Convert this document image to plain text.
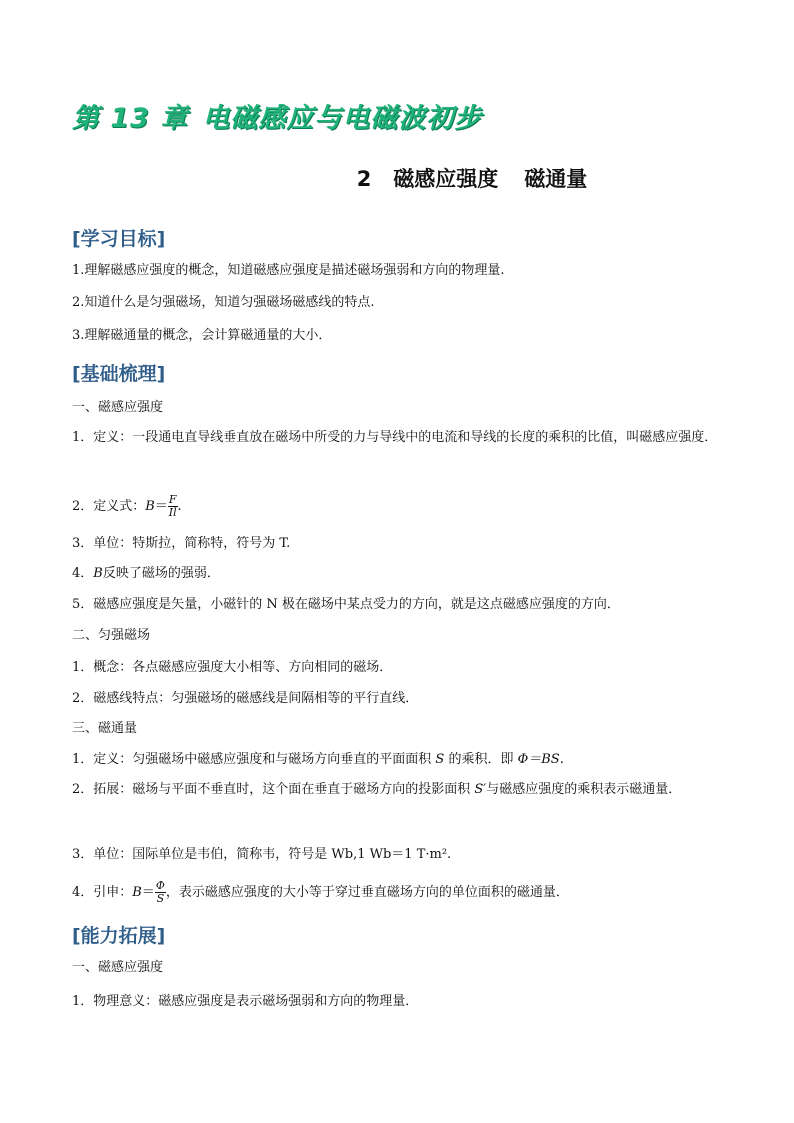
第 13 章 电磁感应与电磁波初步
2 磁感应强度 磁通量
[学习目标]
1.理解磁感应强度的概念，知道磁感应强度是描述磁场强弱和方向的物理量.
2.知道什么是匀强磁场，知道匀强磁场磁感线的特点.
3.理解磁通量的概念，会计算磁通量的大小．
[基础梳理]
一、磁感应强度
1．定义：一段通电直导线垂直放在磁场中所受的力与导线中的电流和导线的长度的乘积的比值，叫磁感应强度．
2．定义式：$B= \frac{F}{Il}$ .
3．单位：特斯拉，简称特，符号为 T.
4．B反映了磁场的强弱．
5．磁感应强度是矢量，小磁针的 N 极在磁场中某点受力的方向，就是这点磁感应强度的方向．
二、匀强磁场
1．概念：各点磁感应强度大小相等、方向相同的磁场．
2．磁感线特点：匀强磁场的磁感线是间隔相等的平行直线．
三、磁通量
1．定义：匀强磁场中磁感应强度和与磁场方向垂直的平面面积 S 的乘积．即 Φ＝BS.
2．拓展：磁场与平面不垂直时，这个面在垂直于磁场方向的投影面积 S′与磁感应强度的乘积表示磁通量．
3．单位：国际单位是韦伯，简称韦，符号是 Wb,1 Wb＝1 T·m².
4．引申：$B= \frac{\Phi}{S}$ ，表示磁感应强度的大小等于穿过垂直磁场方向的单位面积的磁通量．
[能力拓展]
一、磁感应强度
1．物理意义：磁感应强度是表示磁场强弱和方向的物理量．
